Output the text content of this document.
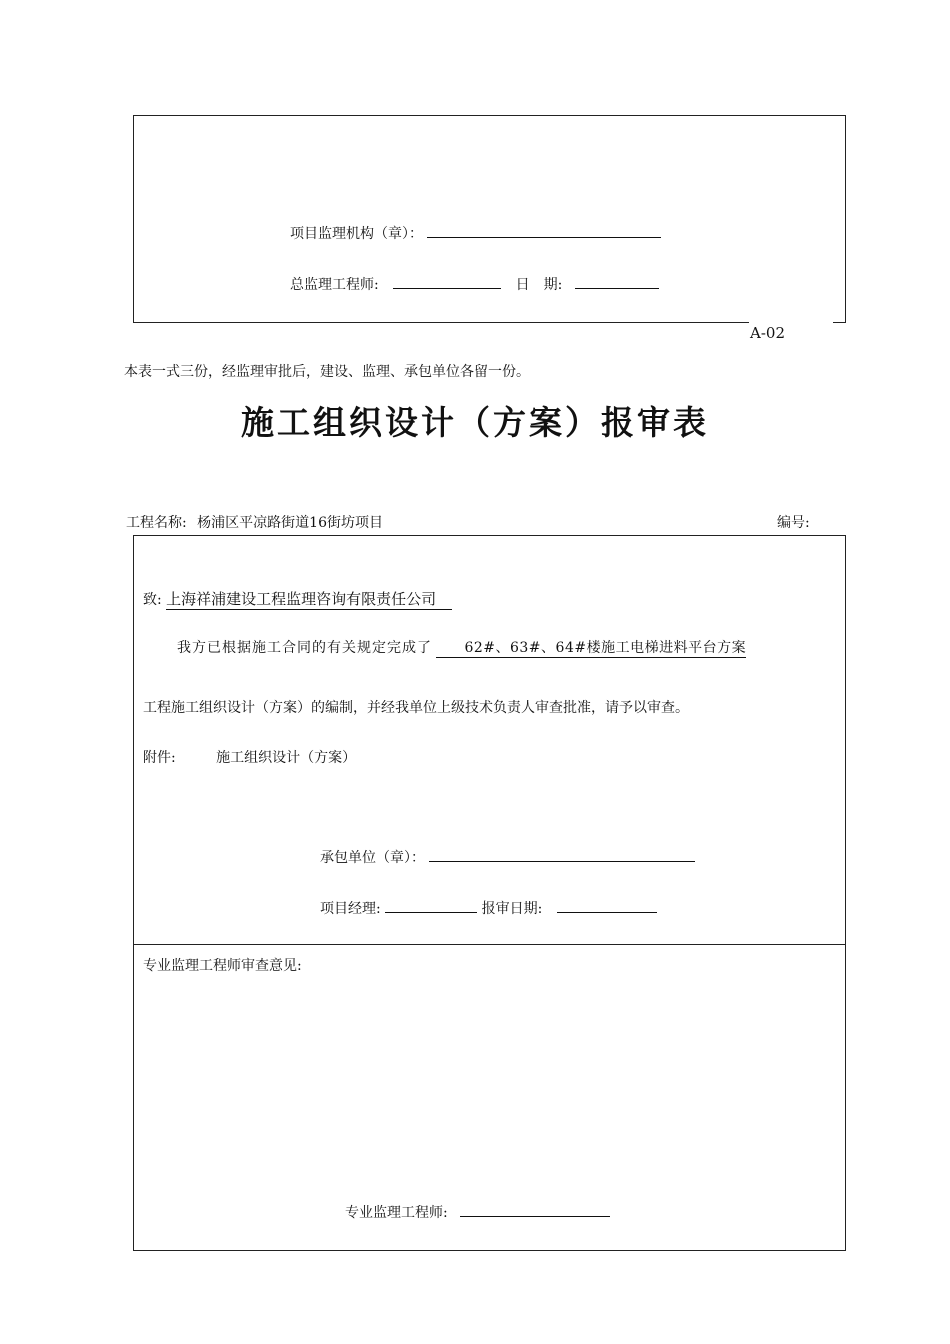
项目监理机构（章）：
总监理工程师:	日　期:
A-02
本表一式三份，经监理审批后，建设、监理、承包单位各留一份。
施工组织设计（方案）报审表
工程名称: 杨浦区平凉路街道16街坊项目	编号:
致: 上海祥浦建设工程监理咨询有限责任公司
我方已根据施工合同的有关规定完成了 62#、63#、64#楼施工电梯进料平台方案
工程施工组织设计（方案）的编制，并经我单位上级技术负责人审查批准，请予以审查。
附件:	施工组织设计（方案）
承包单位（章）：
项目经理:	报审日期:
专业监理工程师审查意见:
专业监理工程师:
